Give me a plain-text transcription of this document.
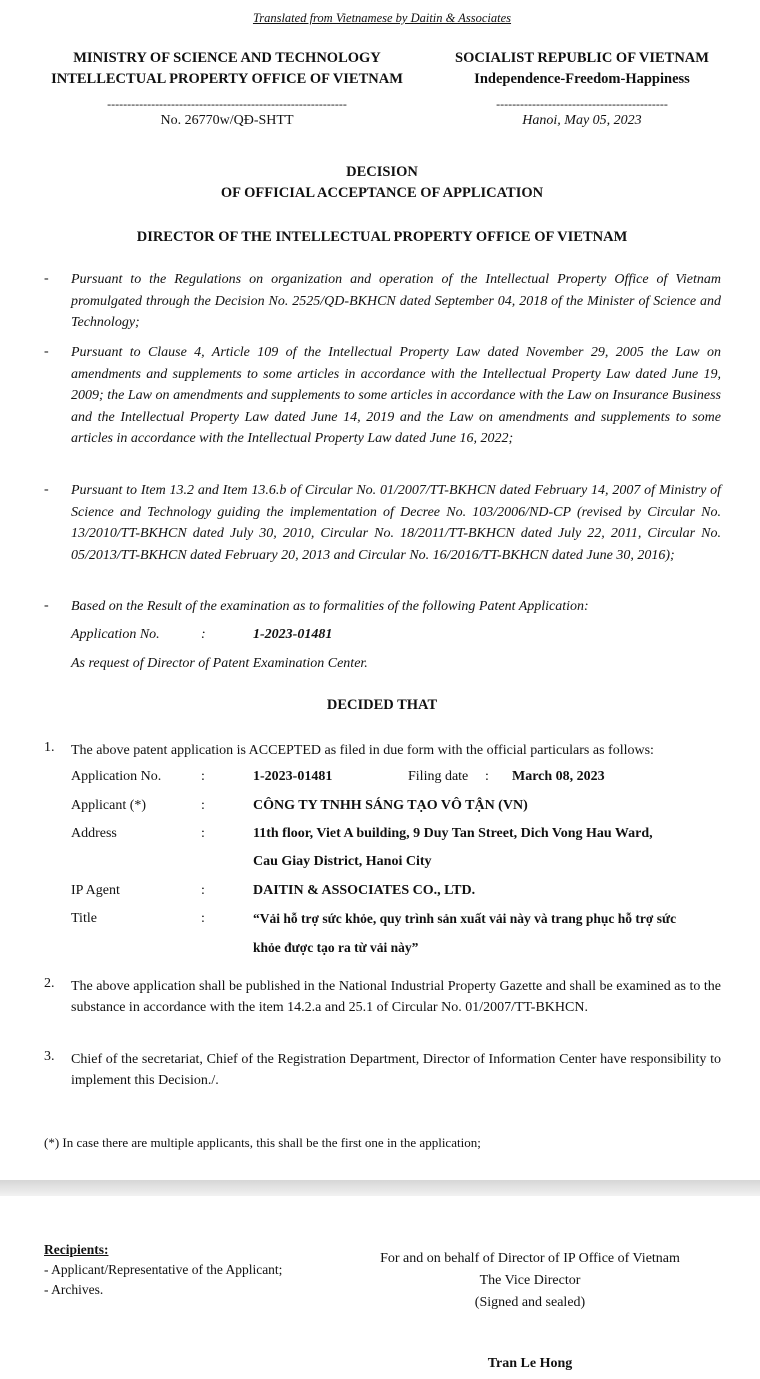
Translated from Vietnamese by Daitin & Associates
MINISTRY OF SCIENCE AND TECHNOLOGY
INTELLECTUAL PROPERTY OFFICE OF VIETNAM
------------------------------------------------------------
No. 26770w/QĐ-SHTT
SOCIALIST REPUBLIC OF VIETNAM
Independence-Freedom-Happiness
-------------------------------------------
Hanoi, May 05, 2023
DECISION
OF OFFICIAL ACCEPTANCE OF APPLICATION
DIRECTOR OF THE INTELLECTUAL PROPERTY OFFICE OF VIETNAM
- Pursuant to the Regulations on organization and operation of the Intellectual Property Office of Vietnam promulgated through the Decision No. 2525/QD-BKHCN dated September 04, 2018 of the Minister of Science and Technology;
- Pursuant to Clause 4, Article 109 of the Intellectual Property Law dated November 29, 2005 the Law on amendments and supplements to some articles in accordance with the Intellectual Property Law dated June 19, 2009; the Law on amendments and supplements to some articles in accordance with the Law on Insurance Business and the Intellectual Property Law dated June 14, 2019 and the Law on amendments and supplements to some articles in accordance with the Intellectual Property Law dated June 16, 2022;
- Pursuant to Item 13.2 and Item 13.6.b of Circular No. 01/2007/TT-BKHCN dated February 14, 2007 of Ministry of Science and Technology guiding the implementation of Decree No. 103/2006/ND-CP (revised by Circular No. 13/2010/TT-BKHCN dated July 30, 2010, Circular No. 18/2011/TT-BKHCN dated July 22, 2011, Circular No. 05/2013/TT-BKHCN dated February 20, 2013 and Circular No. 16/2016/TT-BKHCN dated June 30, 2016);
- Based on the Result of the examination as to formalities of the following Patent Application:
Application No.	:	1-2023-01481
As request of Director of Patent Examination Center.
DECIDED THAT
1. The above patent application is ACCEPTED as filed in due form with the official particulars as follows:
Application No.	:	1-2023-01481	Filing date : March 08, 2023
Applicant (*)	:	CÔNG TY TNHH SÁNG TẠO VÔ TẬN (VN)
Address	:	11th floor, Viet A building, 9 Duy Tan Street, Dich Vong Hau Ward,
Cau Giay District, Hanoi City
IP Agent	:	DAITIN & ASSOCIATES CO., LTD.
Title	:	“Vải hỗ trợ sức khỏe, quy trình sản xuất vải này và trang phục hỗ trợ sức
khỏe được tạo ra từ vải này”
2. The above application shall be published in the National Industrial Property Gazette and shall be examined as to the substance in accordance with the item 14.2.a and 25.1 of Circular No. 01/2007/TT-BKHCN.
3. Chief of the secretariat, Chief of the Registration Department, Director of Information Center have responsibility to implement this Decision./.
(*) In case there are multiple applicants, this shall be the first one in the application;
Recipients:
- Applicant/Representative of the Applicant;
- Archives.
For and on behalf of Director of IP Office of Vietnam
The Vice Director
(Signed and sealed)
Tran Le Hong
